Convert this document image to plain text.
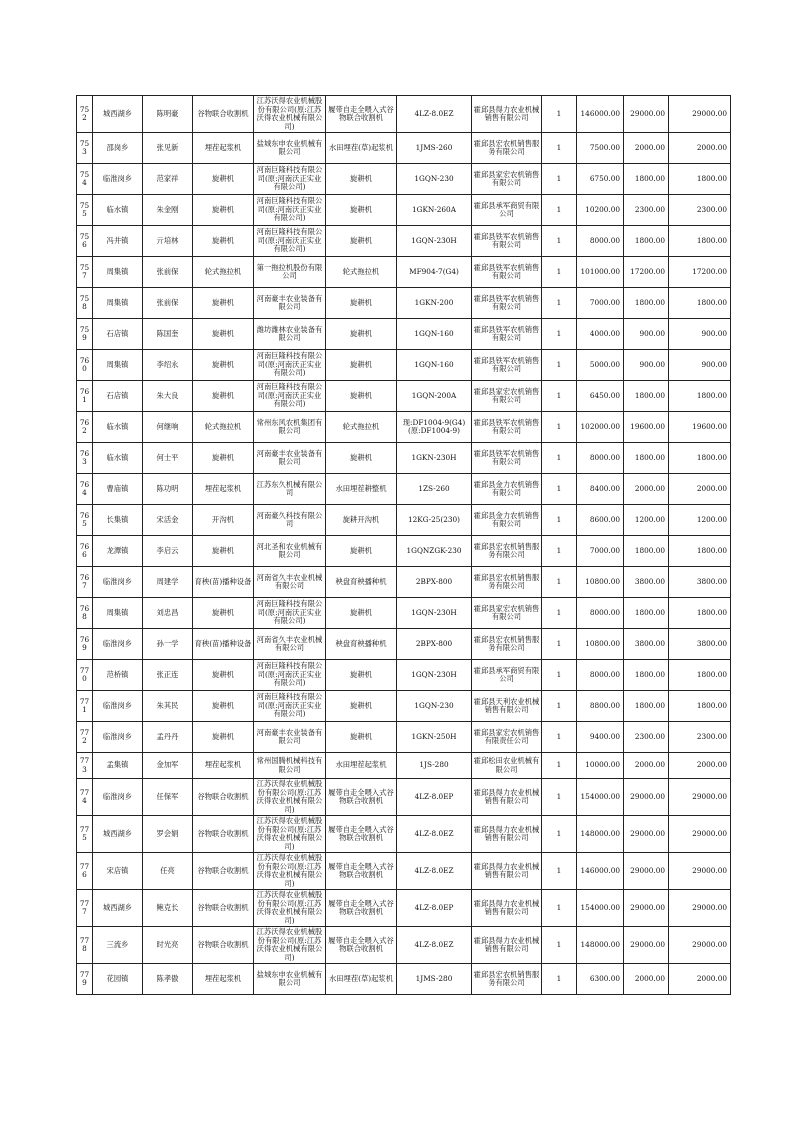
752	城西湖乡	陈明豪	谷物联合收割机	江苏沃得农业机械股份有限公司(原:江苏沃得农业机械有限公司)	履带自走全喂入式谷物联合收割机	4LZ-8.0EZ	霍邱县得力农业机械销售有限公司	1	146000.00	29000.00	29000.00
753	邵岗乡	张见新	埋茬起浆机	盐城东申农业机械有限公司	水田埋茬(草)起浆机	1JMS-260	霍邱县宏农机销售服务有限公司	1	7500.00	2000.00	2000.00
754	临淮岗乡	范家祥	旋耕机	河南巨隆科技有限公司(原:河南沃正实业有限公司)	旋耕机	1GQN-230	霍邱县家宏农机销售有限公司	1	6750.00	1800.00	1800.00
755	临水镇	朱金刚	旋耕机	河南巨隆科技有限公司(原:河南沃正实业有限公司)	旋耕机	1GKN-260A	霍邱县承军商贸有限公司	1	10200.00	2300.00	2300.00
756	冯井镇	亓培林	旋耕机	河南巨隆科技有限公司(原:河南沃正实业有限公司)	旋耕机	1GQN-230H	霍邱县铁军农机销售有限公司	1	8000.00	1800.00	1800.00
757	周集镇	张前保	轮式拖拉机	第一拖拉机股份有限公司	轮式拖拉机	MF904-7(G4)	霍邱县铁军农机销售有限公司	1	101000.00	17200.00	17200.00
758	周集镇	张前保	旋耕机	河南豪丰农业装备有限公司	旋耕机	1GKN-200	霍邱县铁军农机销售有限公司	1	7000.00	1800.00	1800.00
759	石店镇	陈国奎	旋耕机	潍坊潍林农业装备有限公司	旋耕机	1GQN-160	霍邱县铁军农机销售有限公司	1	4000.00	900.00	900.00
760	周集镇	李绍永	旋耕机	河南巨隆科技有限公司(原:河南沃正实业有限公司)	旋耕机	1GQN-160	霍邱县铁军农机销售有限公司	1	5000.00	900.00	900.00
761	石店镇	朱大良	旋耕机	河南巨隆科技有限公司(原:河南沃正实业有限公司)	旋耕机	1GQN-200A	霍邱县家宏农机销售有限公司	1	6450.00	1800.00	1800.00
762	临水镇	何继响	轮式拖拉机	常州东风农机集团有限公司	轮式拖拉机	现:DF1004-9(G4)(原:DF1004-9)	霍邱县铁军农机销售有限公司	1	102000.00	19600.00	19600.00
763	临水镇	何士平	旋耕机	河南豪丰农业装备有限公司	旋耕机	1GKN-230H	霍邱县铁军农机销售有限公司	1	8000.00	1800.00	1800.00
764	曹庙镇	陈功明	埋茬起浆机	江苏东久机械有限公司	水田埋茬耕整机	1ZS-260	霍邱县金力农机销售有限公司	1	8400.00	2000.00	2000.00
765	长集镇	宋活金	开沟机	河南豪久科技有限公司	旋耕开沟机	12KG-25(230)	霍邱县金力农机销售有限公司	1	8600.00	1200.00	1200.00
766	龙潭镇	李启云	旋耕机	河北圣和农业机械有限公司	旋耕机	1GQNZGK-230	霍邱县宏农机销售服务有限公司	1	7000.00	1800.00	1800.00
767	临淮岗乡	周建学	育秧(苗)播种设备	河南省久丰农业机械有限公司	秧盘育秧播种机	2BPX-800	霍邱县宏农机销售服务有限公司	1	10800.00	3800.00	3800.00
768	周集镇	刘忠昌	旋耕机	河南巨隆科技有限公司(原:河南沃正实业有限公司)	旋耕机	1GQN-230H	霍邱县家宏农机销售有限公司	1	8000.00	1800.00	1800.00
769	临淮岗乡	孙一学	育秧(苗)播种设备	河南省久丰农业机械有限公司	秧盘育秧播种机	2BPX-800	霍邱县宏农机销售服务有限公司	1	10800.00	3800.00	3800.00
770	范桥镇	张正连	旋耕机	河南巨隆科技有限公司(原:河南沃正实业有限公司)	旋耕机	1GQN-230H	霍邱县承军商贸有限公司	1	8000.00	1800.00	1800.00
771	临淮岗乡	朱其民	旋耕机	河南巨隆科技有限公司(原:河南沃正实业有限公司)	旋耕机	1GQN-230	霍邱县天利农业机械销售有限公司	1	8800.00	1800.00	1800.00
772	临淮岗乡	孟丹丹	旋耕机	河南豪丰农业装备有限公司	旋耕机	1GKN-250H	霍邱县家宏农机销售有限责任公司	1	9400.00	2300.00	2300.00
773	孟集镇	金加军	埋茬起浆机	常州国腾机械科技有限公司	水田埋茬起浆机	1JS-280	霍邱松田农业机械有限公司	1	10000.00	2000.00	2000.00
774	临淮岗乡	任保军	谷物联合收割机	江苏沃得农业机械股份有限公司(原:江苏沃得农业机械有限公司)	履带自走全喂入式谷物联合收割机	4LZ-8.0EP	霍邱县得力农业机械销售有限公司	1	154000.00	29000.00	29000.00
775	城西湖乡	罗会娟	谷物联合收割机	江苏沃得农业机械股份有限公司(原:江苏沃得农业机械有限公司)	履带自走全喂入式谷物联合收割机	4LZ-8.0EZ	霍邱县得力农业机械销售有限公司	1	148000.00	29000.00	29000.00
776	宋店镇	任亮	谷物联合收割机	江苏沃得农业机械股份有限公司(原:江苏沃得农业机械有限公司)	履带自走全喂入式谷物联合收割机	4LZ-8.0EZ	霍邱县得力农业机械销售有限公司	1	146000.00	29000.00	29000.00
777	城西湖乡	鲍克长	谷物联合收割机	江苏沃得农业机械股份有限公司(原:江苏沃得农业机械有限公司)	履带自走全喂入式谷物联合收割机	4LZ-8.0EP	霍邱县得力农业机械销售有限公司	1	154000.00	29000.00	29000.00
778	三流乡	时光亮	谷物联合收割机	江苏沃得农业机械股份有限公司(原:江苏沃得农业机械有限公司)	履带自走全喂入式谷物联合收割机	4LZ-8.0EZ	霍邱县得力农业机械销售有限公司	1	148000.00	29000.00	29000.00
779	花园镇	陈孝傲	埋茬起浆机	盐城东申农业机械有限公司	水田埋茬(草)起浆机	1JMS-280	霍邱县宏农机销售服务有限公司	1	6300.00	2000.00	2000.00
